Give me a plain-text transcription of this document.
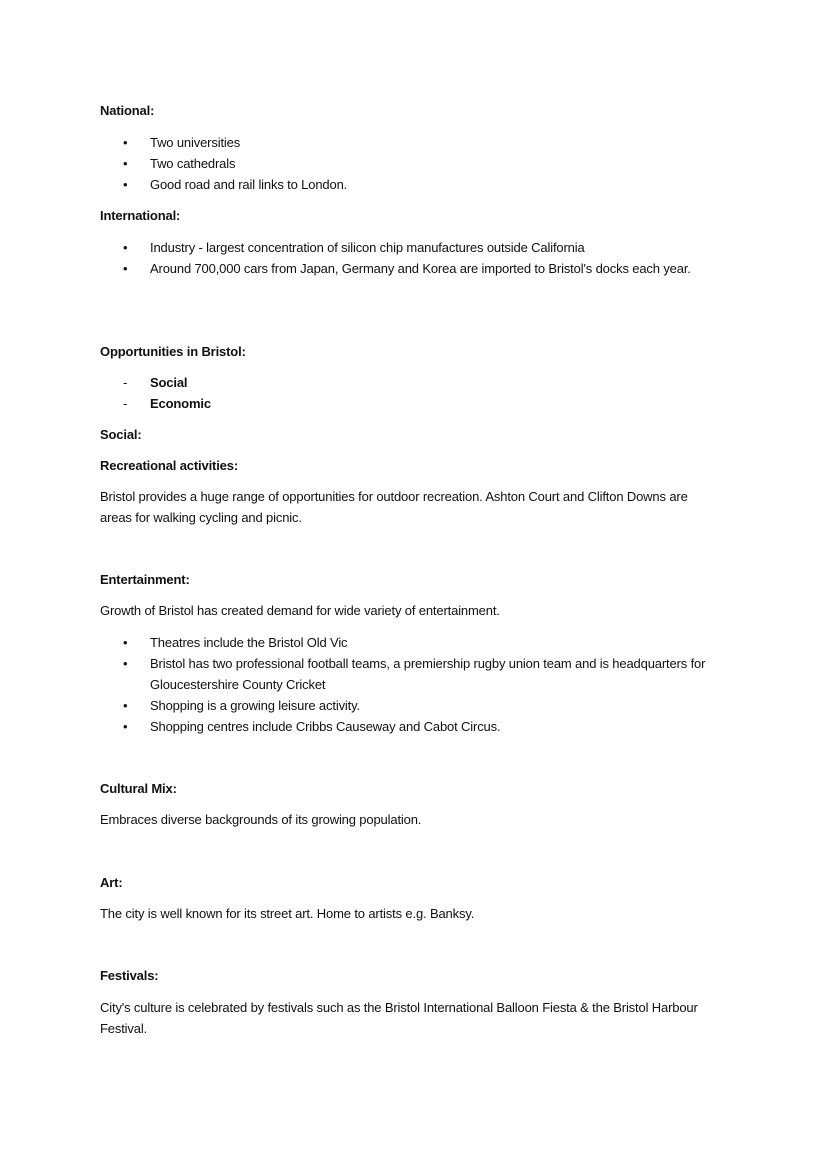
National:
• Two universities
• Two cathedrals
• Good road and rail links to London.
International:
• Industry - largest concentration of silicon chip manufactures outside California
• Around 700,000 cars from Japan, Germany and Korea are imported to Bristol's docks each year.
Opportunities in Bristol:
- Social
- Economic
Social:
Recreational activities:
Bristol provides a huge range of opportunities for outdoor recreation. Ashton Court and Clifton Downs are areas for walking cycling and picnic.
Entertainment:
Growth of Bristol has created demand for wide variety of entertainment.
• Theatres include the Bristol Old Vic
• Bristol has two professional football teams, a premiership rugby union team and is headquarters for Gloucestershire County Cricket
• Shopping is a growing leisure activity.
• Shopping centres include Cribbs Causeway and Cabot Circus.
Cultural Mix:
Embraces diverse backgrounds of its growing population.
Art:
The city is well known for its street art. Home to artists e.g. Banksy.
Festivals:
City's culture is celebrated by festivals such as the Bristol International Balloon Fiesta & the Bristol Harbour Festival.
